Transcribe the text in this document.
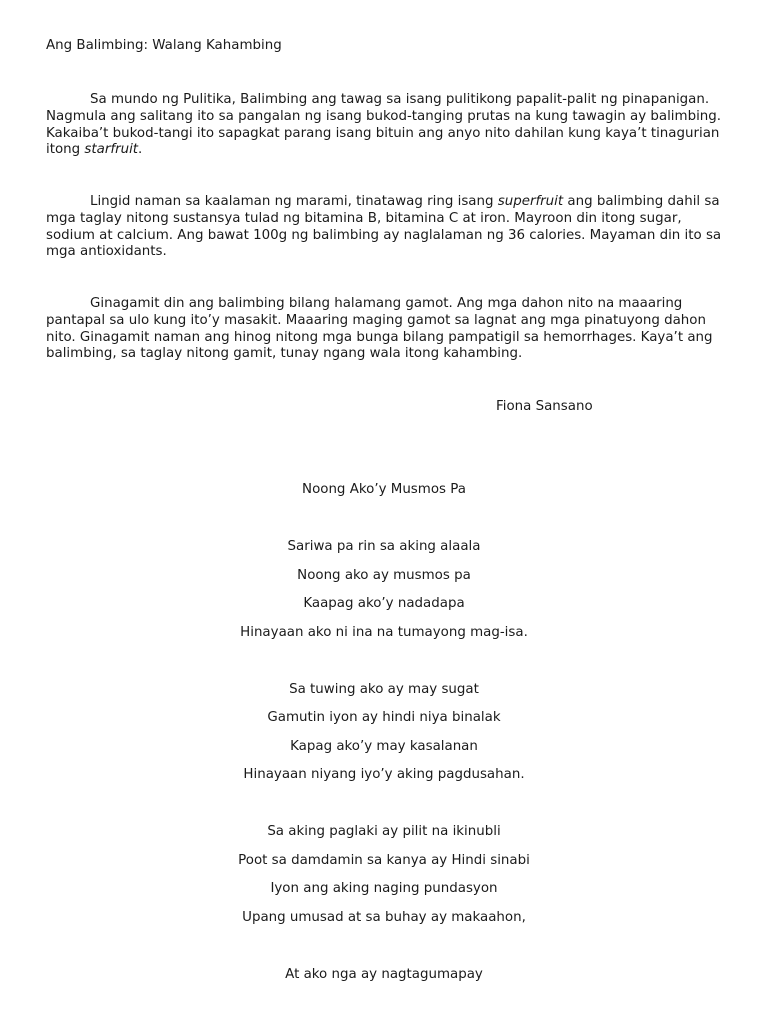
Ang Balimbing: Walang Kahambing

Sa mundo ng Pulitika, Balimbing ang tawag sa isang pulitikong papalit-palit ng pinapanigan. Nagmula ang salitang ito sa pangalan ng isang bukod-tanging prutas na kung tawagin ay balimbing. Kakaiba’t bukod-tangi ito sapagkat parang isang bituin ang anyo nito dahilan kung kaya’t tinagurian itong starfruit.

Lingid naman sa kaalaman ng marami, tinatawag ring isang superfruit ang balimbing dahil sa mga taglay nitong sustansya tulad ng bitamina B, bitamina C at iron. Mayroon din itong sugar, sodium at calcium. Ang bawat 100g ng balimbing ay naglalaman ng 36 calories. Mayaman din ito sa mga antioxidants.

Ginagamit din ang balimbing bilang halamang gamot. Ang mga dahon nito na maaaring pantapal sa ulo kung ito’y masakit. Maaaring maging gamot sa lagnat ang mga pinatuyong dahon nito. Ginagamit naman ang hinog nitong mga bunga bilang pampatigil sa hemorrhages. Kaya’t ang balimbing, sa taglay nitong gamit, tunay ngang wala itong kahambing.

Fiona Sansano

Noong Ako’y Musmos Pa
Sariwa pa rin sa aking alaala
Noong ako ay musmos pa
Kaapag ako’y nadadapa
Hinayaan ako ni ina na tumayong mag-isa.
Sa tuwing ako ay may sugat
Gamutin iyon ay hindi niya binalak
Kapag ako’y may kasalanan
Hinayaan niyang iyo’y aking pagdusahan.
Sa aking paglaki ay pilit na ikinubli
Poot sa damdamin sa kanya ay Hindi sinabi
Iyon ang aking naging pundasyon
Upang umusad at sa buhay ay makaahon,
At ako nga ay nagtagumapay
